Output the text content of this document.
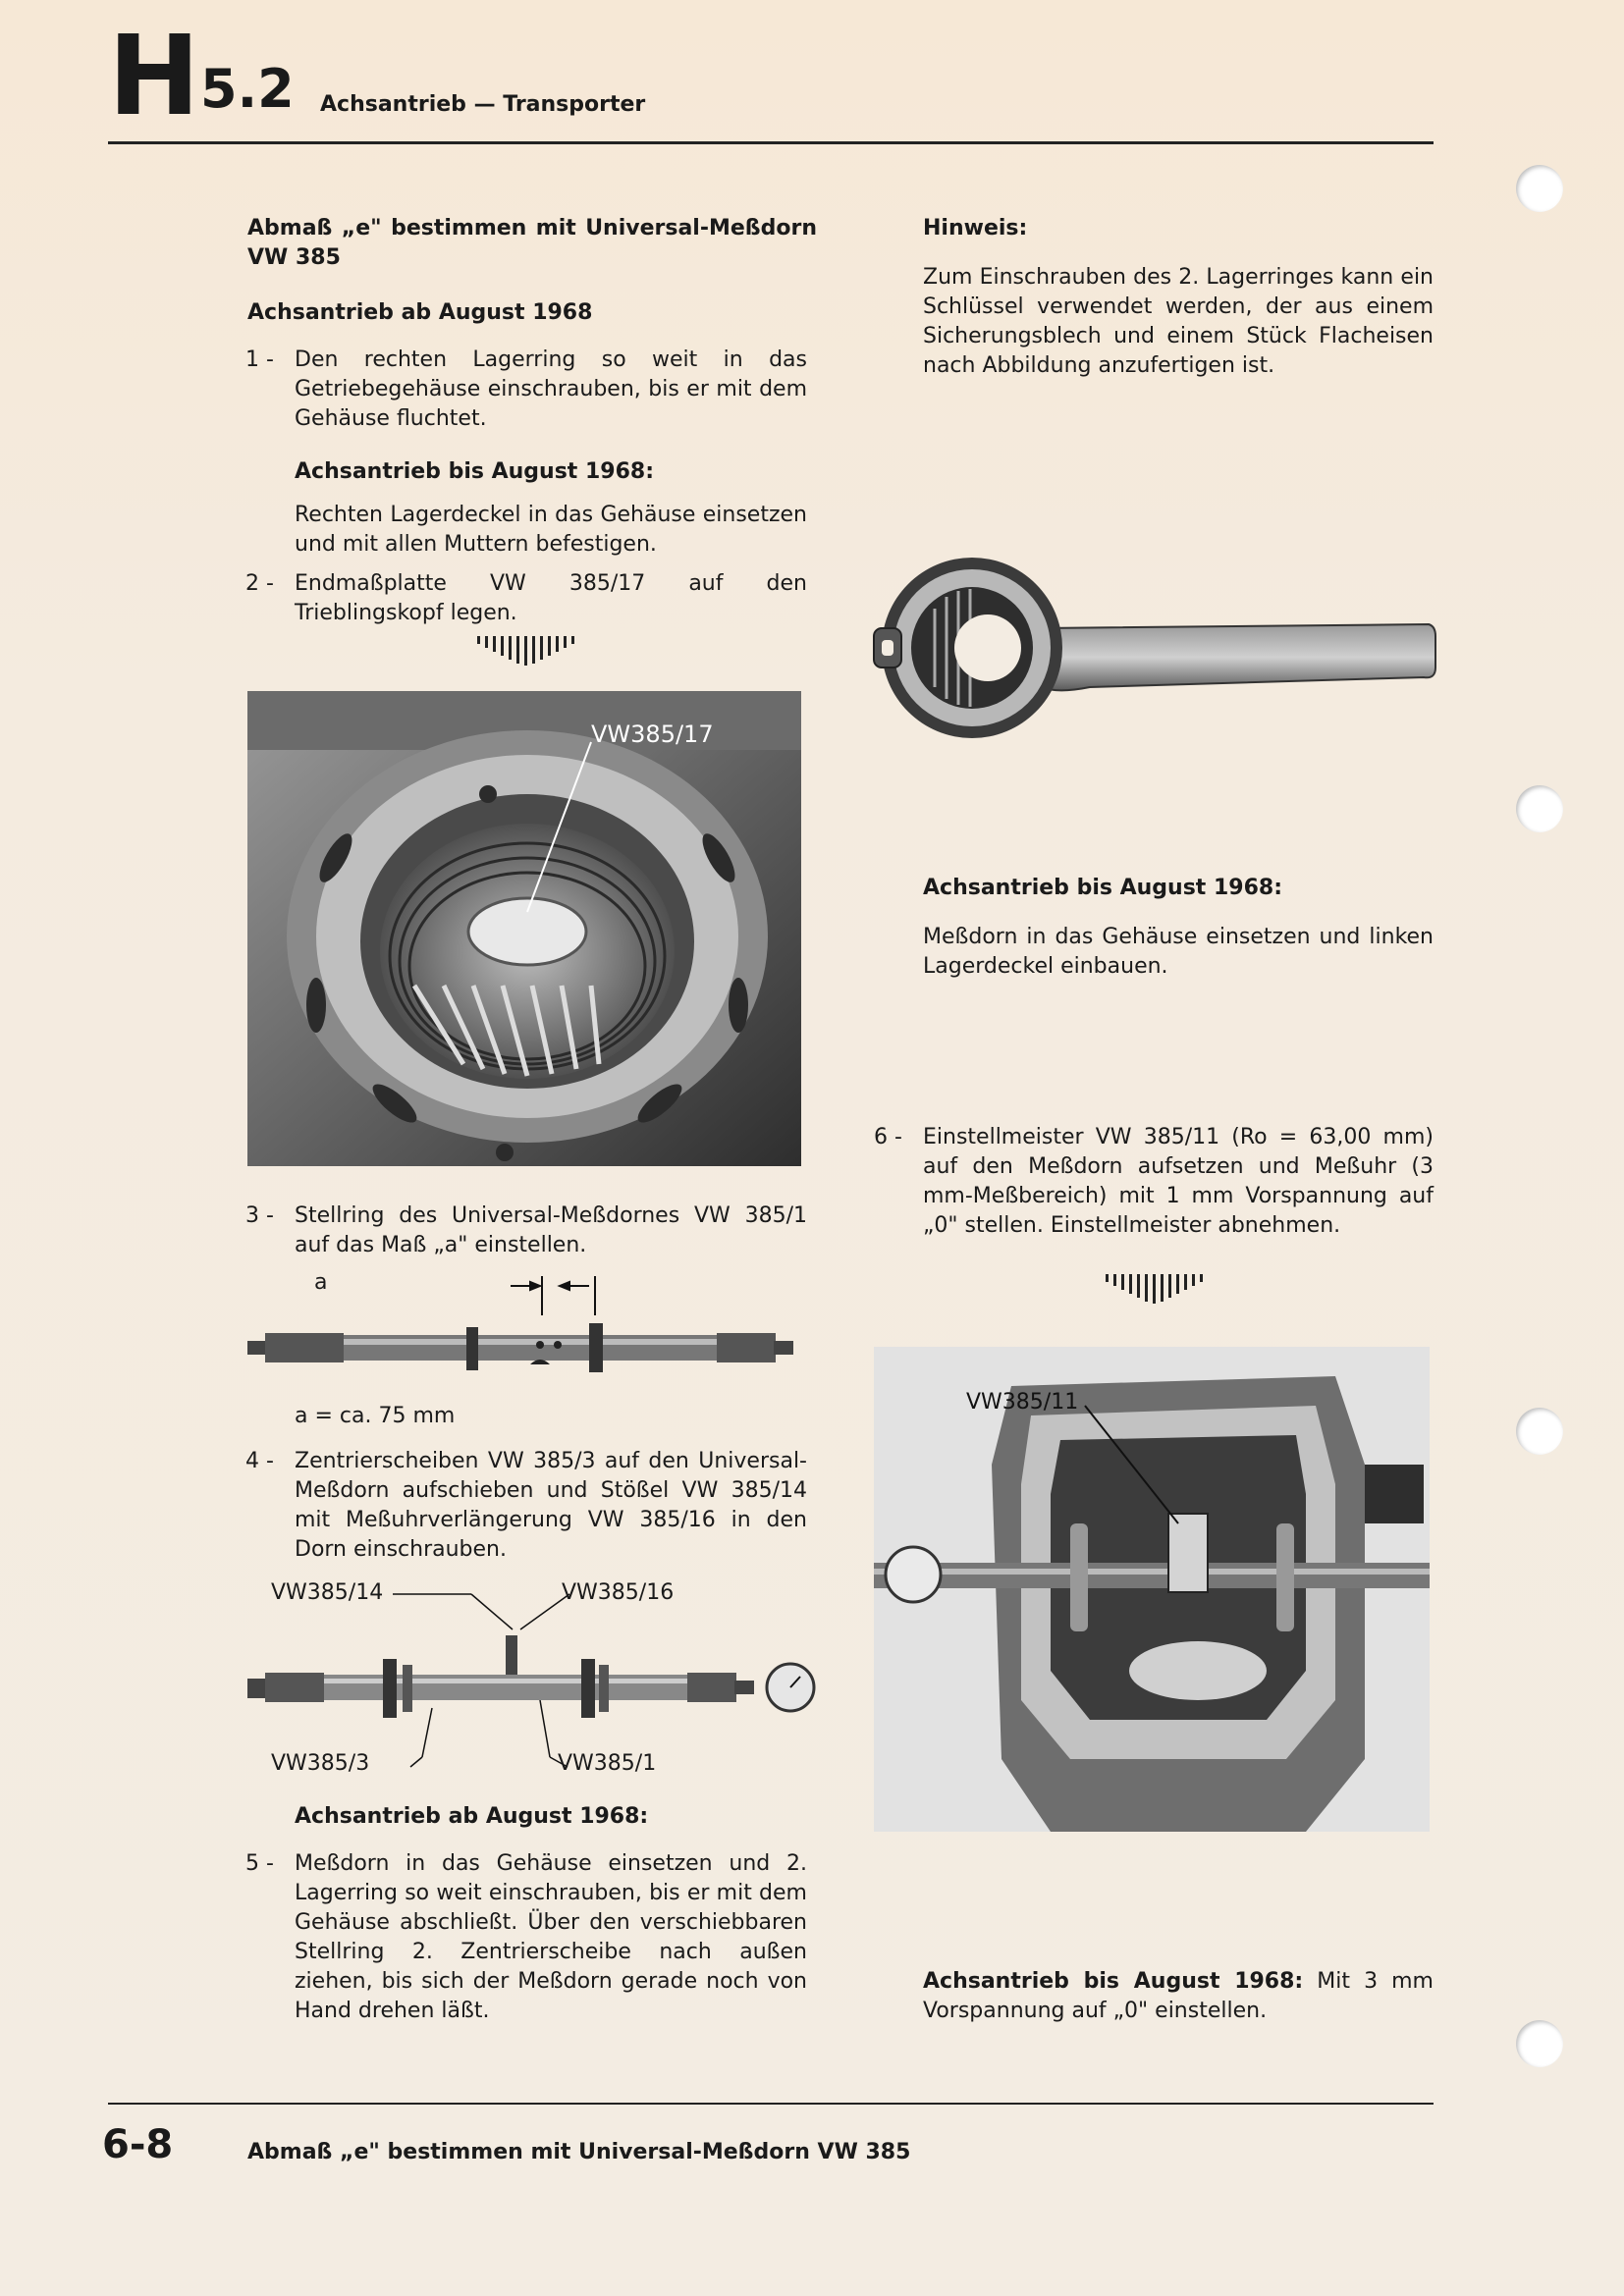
H 5.2 Achsantrieb — Transporter
Abmaß „e" bestimmen mit Universal-Meßdorn VW 385
Achsantrieb ab August 1968
1 - Den rechten Lagerring so weit in das Getriebegehäuse einschrauben, bis er mit dem Gehäuse fluchtet.
Achsantrieb bis August 1968:
Rechten Lagerdeckel in das Gehäuse einsetzen und mit allen Muttern befestigen.
2 - Endmaßplatte VW 385/17 auf den Trieblingskopf legen.
VW385/17
3 - Stellring des Universal-Meßdornes VW 385/1 auf das Maß „a" einstellen.
a
a = ca. 75 mm
4 - Zentrierscheiben VW 385/3 auf den Universal-Meßdorn aufschieben und Stößel VW 385/14 mit Meßuhrverlängerung VW 385/16 in den Dorn einschrauben.
VW385/14	VW385/16
VW385/3	VW385/1
Achsantrieb ab August 1968:
5 - Meßdorn in das Gehäuse einsetzen und 2. Lagerring so weit einschrauben, bis er mit dem Gehäuse abschließt. Über den verschiebbaren Stellring 2. Zentrierscheibe nach außen ziehen, bis sich der Meßdorn gerade noch von Hand drehen läßt.
Hinweis:
Zum Einschrauben des 2. Lagerringes kann ein Schlüssel verwendet werden, der aus einem Sicherungsblech und einem Stück Flacheisen nach Abbildung anzufertigen ist.
Achsantrieb bis August 1968:
Meßdorn in das Gehäuse einsetzen und linken Lagerdeckel einbauen.
6 - Einstellmeister VW 385/11 (Ro = 63,00 mm) auf den Meßdorn aufsetzen und Meßuhr (3 mm-Meßbereich) mit 1 mm Vorspannung auf „0" stellen. Einstellmeister abnehmen.
VW385/11
Achsantrieb bis August 1968: Mit 3 mm Vorspannung auf „0" einstellen.
6-8	Abmaß „e" bestimmen mit Universal-Meßdorn VW 385
